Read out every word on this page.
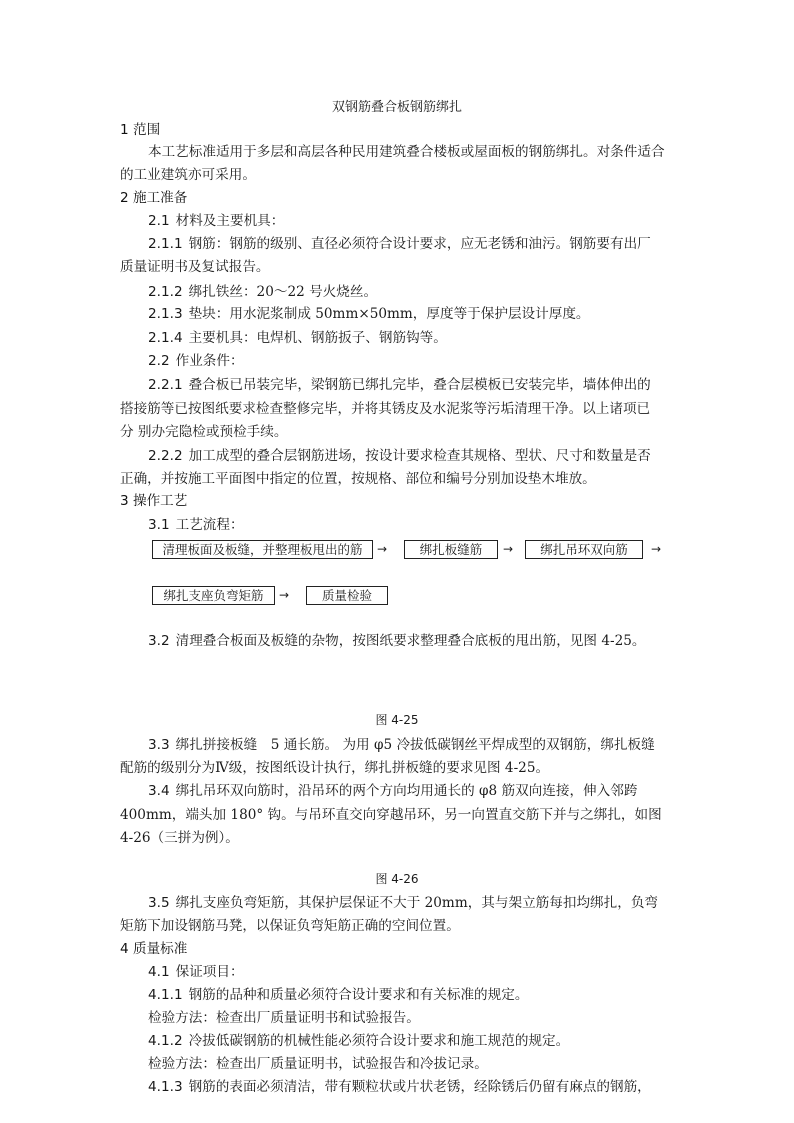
双钢筋叠合板钢筋绑扎
1 范围
本工艺标准适用于多层和高层各种民用建筑叠合楼板或屋面板的钢筋绑扎。对条件适合
的工业建筑亦可采用。
2 施工准备
2.1 材料及主要机具：
2.1.1 钢筋：钢筋的级别、直径必须符合设计要求，应无老锈和油污。钢筋要有出厂
质量证明书及复试报告。
2.1.2 绑扎铁丝：20～22 号火烧丝。
2.1.3 垫块：用水泥浆制成 50mm×50mm，厚度等于保护层设计厚度。
2.1.4 主要机具：电焊机、钢筋扳子、钢筋钩等。
2.2 作业条件：
2.2.1 叠合板已吊装完毕，梁钢筋已绑扎完毕，叠合层模板已安装完毕，墙体伸出的
搭接筋等已按图纸要求检查整修完毕，并将其锈皮及水泥浆等污垢清理干净。以上诸项已
分 别办完隐检或预检手续。
2.2.2 加工成型的叠合层钢筋进场，按设计要求检查其规格、型状、尺寸和数量是否
正确，并按施工平面图中指定的位置，按规格、部位和编号分别加设垫木堆放。
3 操作工艺
3.1 工艺流程：
清理板面及板缝，并整理板甩出的筋	→	绑扎板缝筋	→	绑扎吊环双向筋	→
绑扎支座负弯矩筋	→	质量检验
3.2 清理叠合板面及板缝的杂物，按图纸要求整理叠合底板的甩出筋，见图 4-25。
图 4-25
3.3 绑扎拼接板缝　5 通长筋。 为用 φ5 冷拔低碳钢丝平焊成型的双钢筋，绑扎板缝
配筋的级别分为Ⅳ级，按图纸设计执行，绑扎拼板缝的要求见图 4-25。
3.4 绑扎吊环双向筋时，沿吊环的两个方向均用通长的 φ8 筋双向连接，伸入邻跨
400mm，端头加 180° 钩。与吊环直交向穿越吊环，另一向置直交筋下并与之绑扎，如图
4-26（三拼为例）。
图 4-26
3.5 绑扎支座负弯矩筋，其保护层保证不大于 20mm，其与架立筋每扣均绑扎，负弯
矩筋下加设钢筋马凳，以保证负弯矩筋正确的空间位置。
4 质量标准
4.1 保证项目：
4.1.1 钢筋的品种和质量必须符合设计要求和有关标准的规定。
检验方法：检查出厂质量证明书和试验报告。
4.1.2 冷拔低碳钢筋的机械性能必须符合设计要求和施工规范的规定。
检验方法：检查出厂质量证明书，试验报告和冷拔记录。
4.1.3 钢筋的表面必须清洁，带有颗粒状或片状老锈，经除锈后仍留有麻点的钢筋，
